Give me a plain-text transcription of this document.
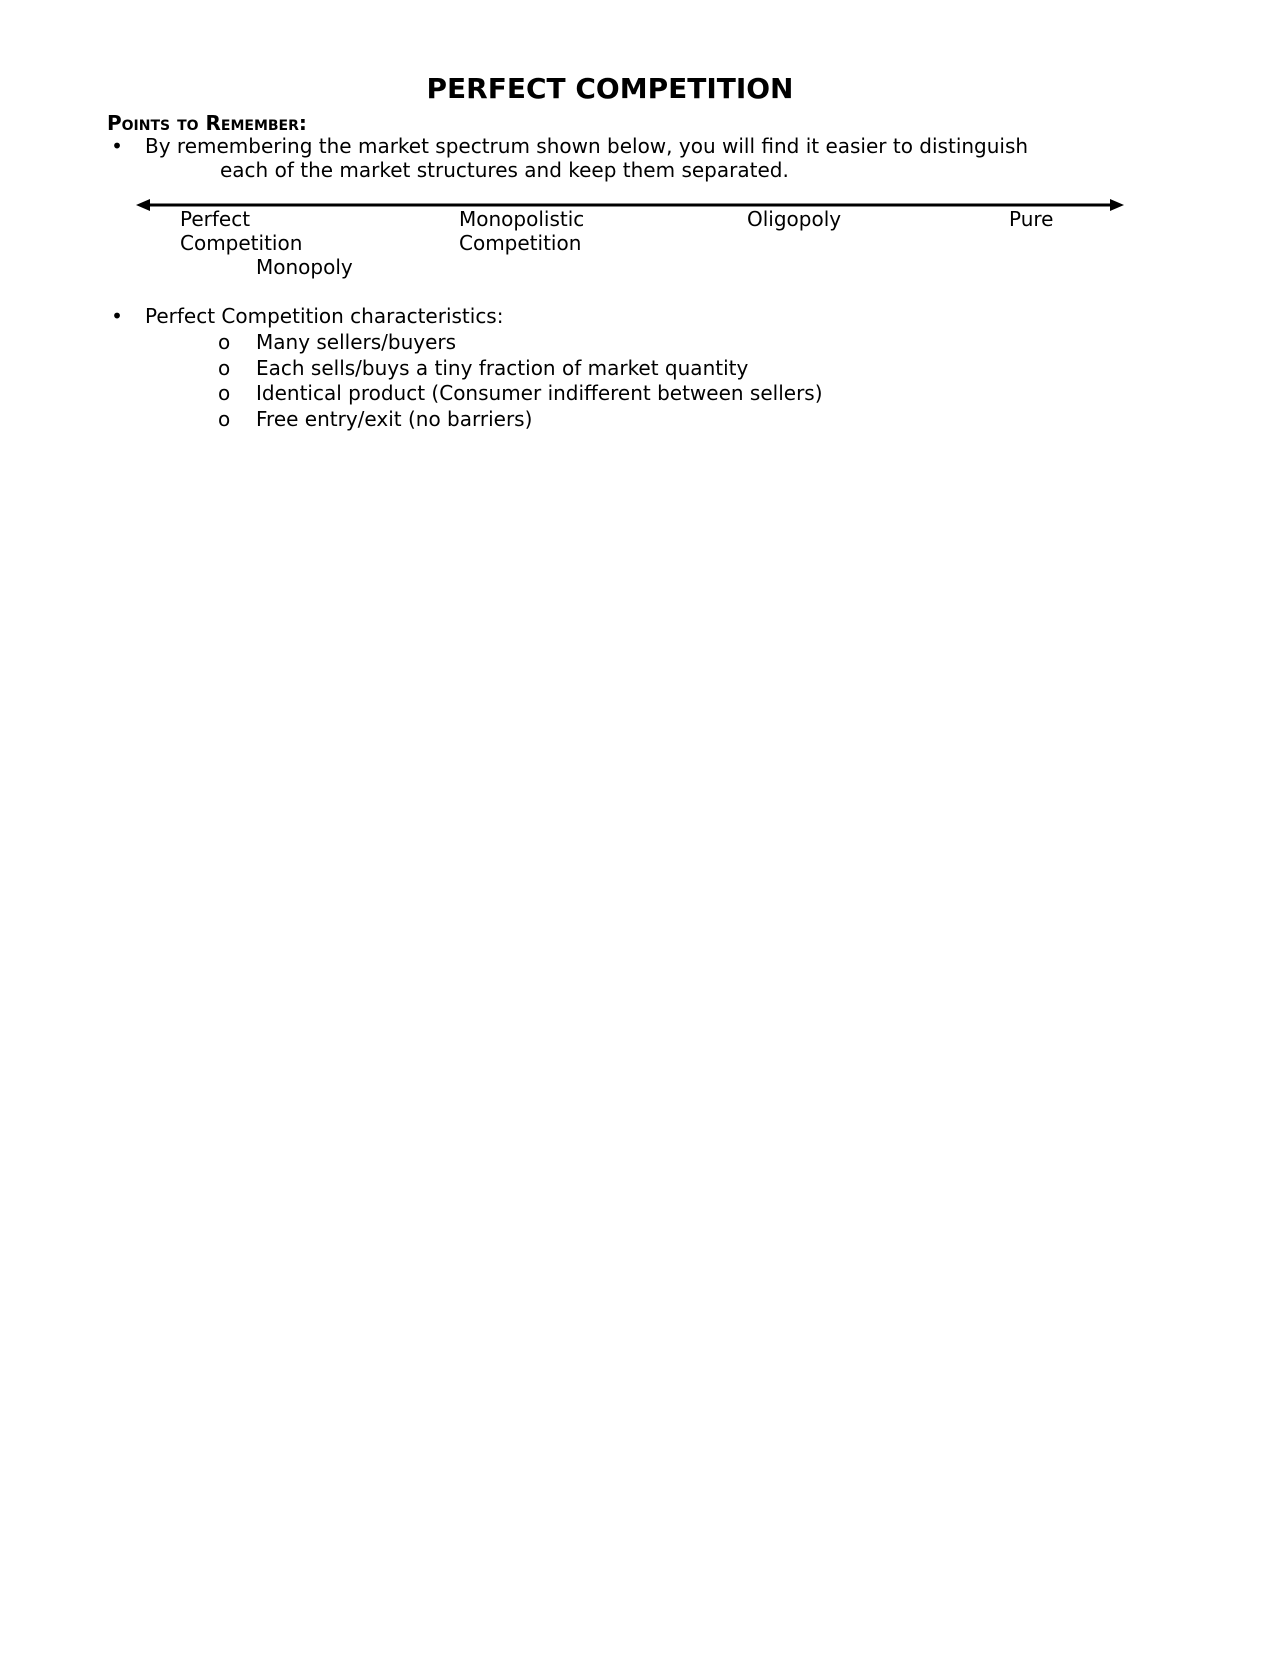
PERFECT COMPETITION
Points to Remember:
• By remembering the market spectrum shown below, you will find it easier to distinguish
each of the market structures and keep them separated.
Perfect
Competition
Monopolistic
Competition
Oligopoly	Pure
Monopoly
• Perfect Competition characteristics:
o	Many sellers/buyers
o	Each sells/buys a tiny fraction of market quantity
o	Identical product (Consumer indifferent between sellers)
o	Free entry/exit (no barriers)
